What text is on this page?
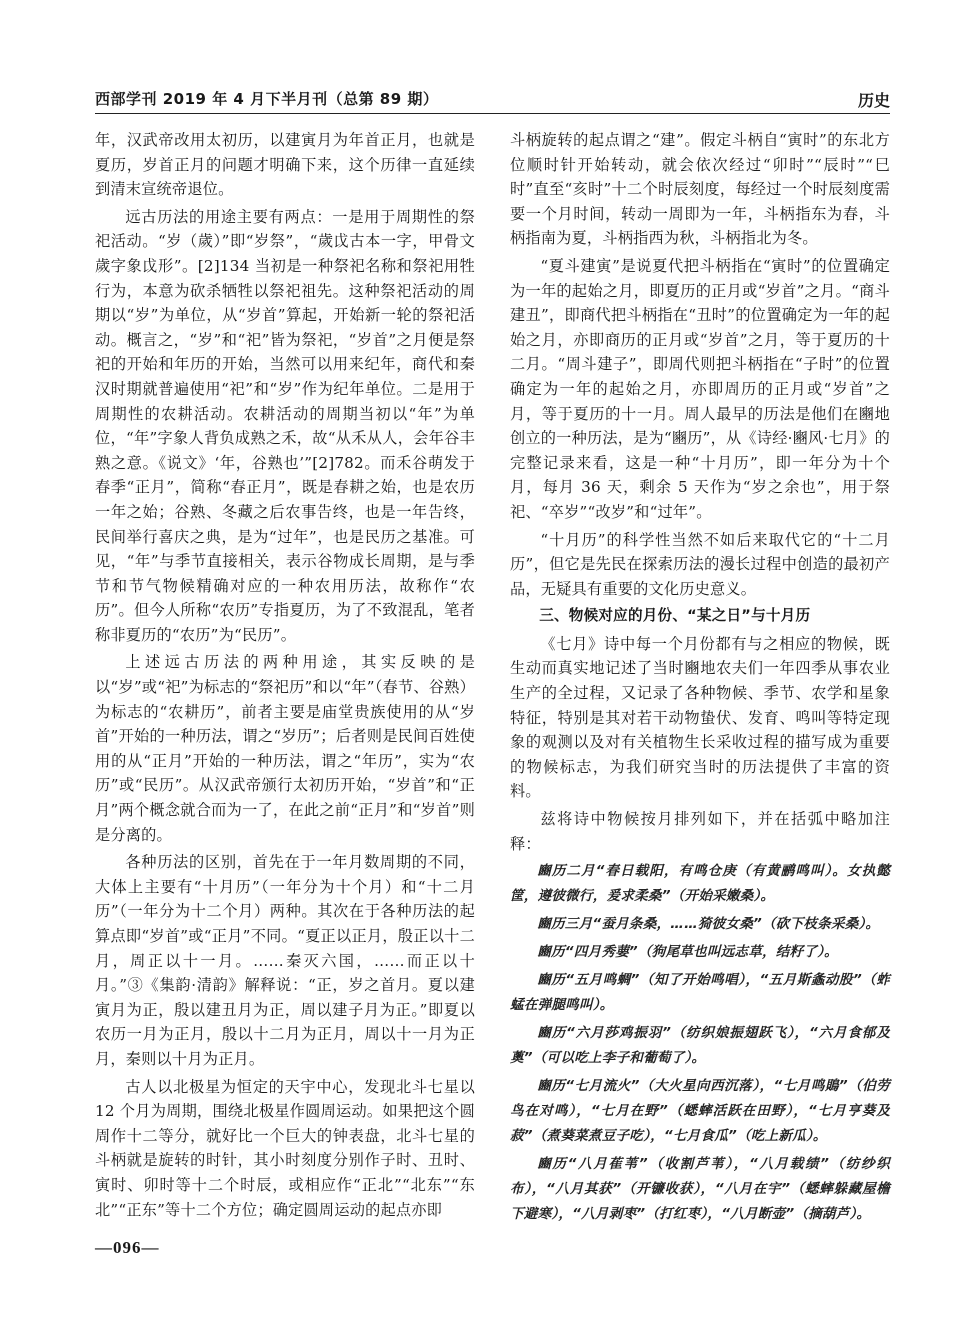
西部学刊 2019 年 4 月下半月刊（总第 89 期）	历史

年，汉武帝改用太初历，以建寅月为年首正月，也就是夏历，岁首正月的问题才明确下来，这个历律一直延续到清末宣统帝退位。

远古历法的用途主要有两点：一是用于周期性的祭祀活动。“岁（歲）”即“岁祭”，“歲戉古本一字，甲骨文歲字象戉形”。[2]134 当初是一种祭祀名称和祭祀用牲行为，本意为砍杀牺牲以祭祀祖先。这种祭祀活动的周期以“岁”为单位，从“岁首”算起，开始新一轮的祭祀活动。概言之，“岁”和“祀”皆为祭祀，“岁首”之月便是祭祀的开始和年历的开始，当然可以用来纪年，商代和秦汉时期就普遍使用“祀”和“岁”作为纪年单位。二是用于周期性的农耕活动。农耕活动的周期当初以“年”为单位，“年”字象人背负成熟之禾，故“从禾从人，会年谷丰熟之意。《说文》‘年，谷熟也’”[2]782。而禾谷萌发于春季“正月”，简称“春正月”，既是春耕之始，也是农历一年之始；谷熟、冬藏之后农事告终，也是一年告终，民间举行喜庆之典，是为“过年”，也是民历之基准。可见，“年”与季节直接相关，表示谷物成长周期，是与季节和节气物候精确对应的一种农用历法，故称作“农历”。但今人所称“农历”专指夏历，为了不致混乱，笔者称非夏历的“农历”为“民历”。

上述远古历法的两种用途，其实反映的是以“岁”或“祀”为标志的“祭祀历”和以“年”（春节、谷熟）为标志的“农耕历”，前者主要是庙堂贵族使用的从“岁首”开始的一种历法，谓之“岁历”；后者则是民间百姓使用的从“正月”开始的一种历法，谓之“年历”，实为“农历”或“民历”。从汉武帝颁行太初历开始，“岁首”和“正月”两个概念就合而为一了，在此之前“正月”和“岁首”则是分离的。

各种历法的区别，首先在于一年月数周期的不同，大体上主要有“十月历”（一年分为十个月）和“十二月历”（一年分为十二个月）两种。其次在于各种历法的起算点即“岁首”或“正月”不同。“夏正以正月，殷正以十二月，周正以十一月。……秦灭六国，……而正以十月。”③《集韵·清韵》解释说：“正，岁之首月。夏以建寅月为正，殷以建丑月为正，周以建子月为正。”即夏以农历一月为正月，殷以十二月为正月，周以十一月为正月，秦则以十月为正月。

古人以北极星为恒定的天宇中心，发现北斗七星以12 个月为周期，围绕北极星作圆周运动。如果把这个圆周作十二等分，就好比一个巨大的钟表盘，北斗七星的斗柄就是旋转的时针，其小时刻度分别作子时、丑时、寅时、卯时等十二个时辰，或相应作“正北”“北东”“东北”“正东”等十二个方位；确定圆周运动的起点亦即

斗柄旋转的起点谓之“建”。假定斗柄自“寅时”的东北方位顺时针开始转动，就会依次经过“卯时”“辰时”“巳时”直至“亥时”十二个时辰刻度，每经过一个时辰刻度需要一个月时间，转动一周即为一年，斗柄指东为春，斗柄指南为夏，斗柄指西为秋，斗柄指北为冬。

“夏斗建寅”是说夏代把斗柄指在“寅时”的位置确定为一年的起始之月，即夏历的正月或“岁首”之月。“商斗建丑”，即商代把斗柄指在“丑时”的位置确定为一年的起始之月，亦即商历的正月或“岁首”之月，等于夏历的十二月。“周斗建子”，即周代则把斗柄指在“子时”的位置确定为一年的起始之月，亦即周历的正月或“岁首”之月，等于夏历的十一月。周人最早的历法是他们在豳地创立的一种历法，是为“豳历”，从《诗经·豳风·七月》的完整记录来看，这是一种“十月历”，即一年分为十个月，每月 36 天，剩余 5 天作为“岁之余也”，用于祭祀、“卒岁”“改岁”和“过年”。

“十月历”的科学性当然不如后来取代它的“十二月历”，但它是先民在探索历法的漫长过程中创造的最初产品，无疑具有重要的文化历史意义。

三、物候对应的月份、“某之日”与十月历

《七月》诗中每一个月份都有与之相应的物候，既生动而真实地记述了当时豳地农夫们一年四季从事农业生产的全过程，又记录了各种物候、季节、农学和星象特征，特别是其对若干动物蛰伏、发育、鸣叫等特定现象的观测以及对有关植物生长采收过程的描写成为重要的物候标志，为我们研究当时的历法提供了丰富的资料。

兹将诗中物候按月排列如下，并在括弧中略加注释：

豳历二月“春日载阳，有鸣仓庚（有黄鹂鸣叫）。女执懿筐，遵彼微行，爰求柔桑”（开始采嫩桑）。

豳历三月“蚕月条桑，……猗彼女桑”（砍下枝条采桑）。

豳历“四月秀葽”（狗尾草也叫远志草，结籽了）。

豳历“五月鸣蜩”（知了开始鸣唱），“五月斯螽动股”（蚱蜢在弹腿鸣叫）。

豳历“六月莎鸡振羽”（纺织娘振翅跃飞），“六月食郁及薁”（可以吃上李子和葡萄了）。

豳历“七月流火”（大火星向西沉落），“七月鸣鵙”（伯劳鸟在对鸣），“七月在野”（蟋蟀活跃在田野），“七月亨葵及菽”（煮葵菜煮豆子吃），“七月食瓜”（吃上新瓜）。

豳历“八月萑苇”（收割芦苇），“八月载绩”（纺纱织布），“八月其获”（开镰收获），“八月在宇”（蟋蟀躲藏屋檐下避寒），“八月剥枣”（打红枣），“八月断壶”（摘葫芦）。

—096—
